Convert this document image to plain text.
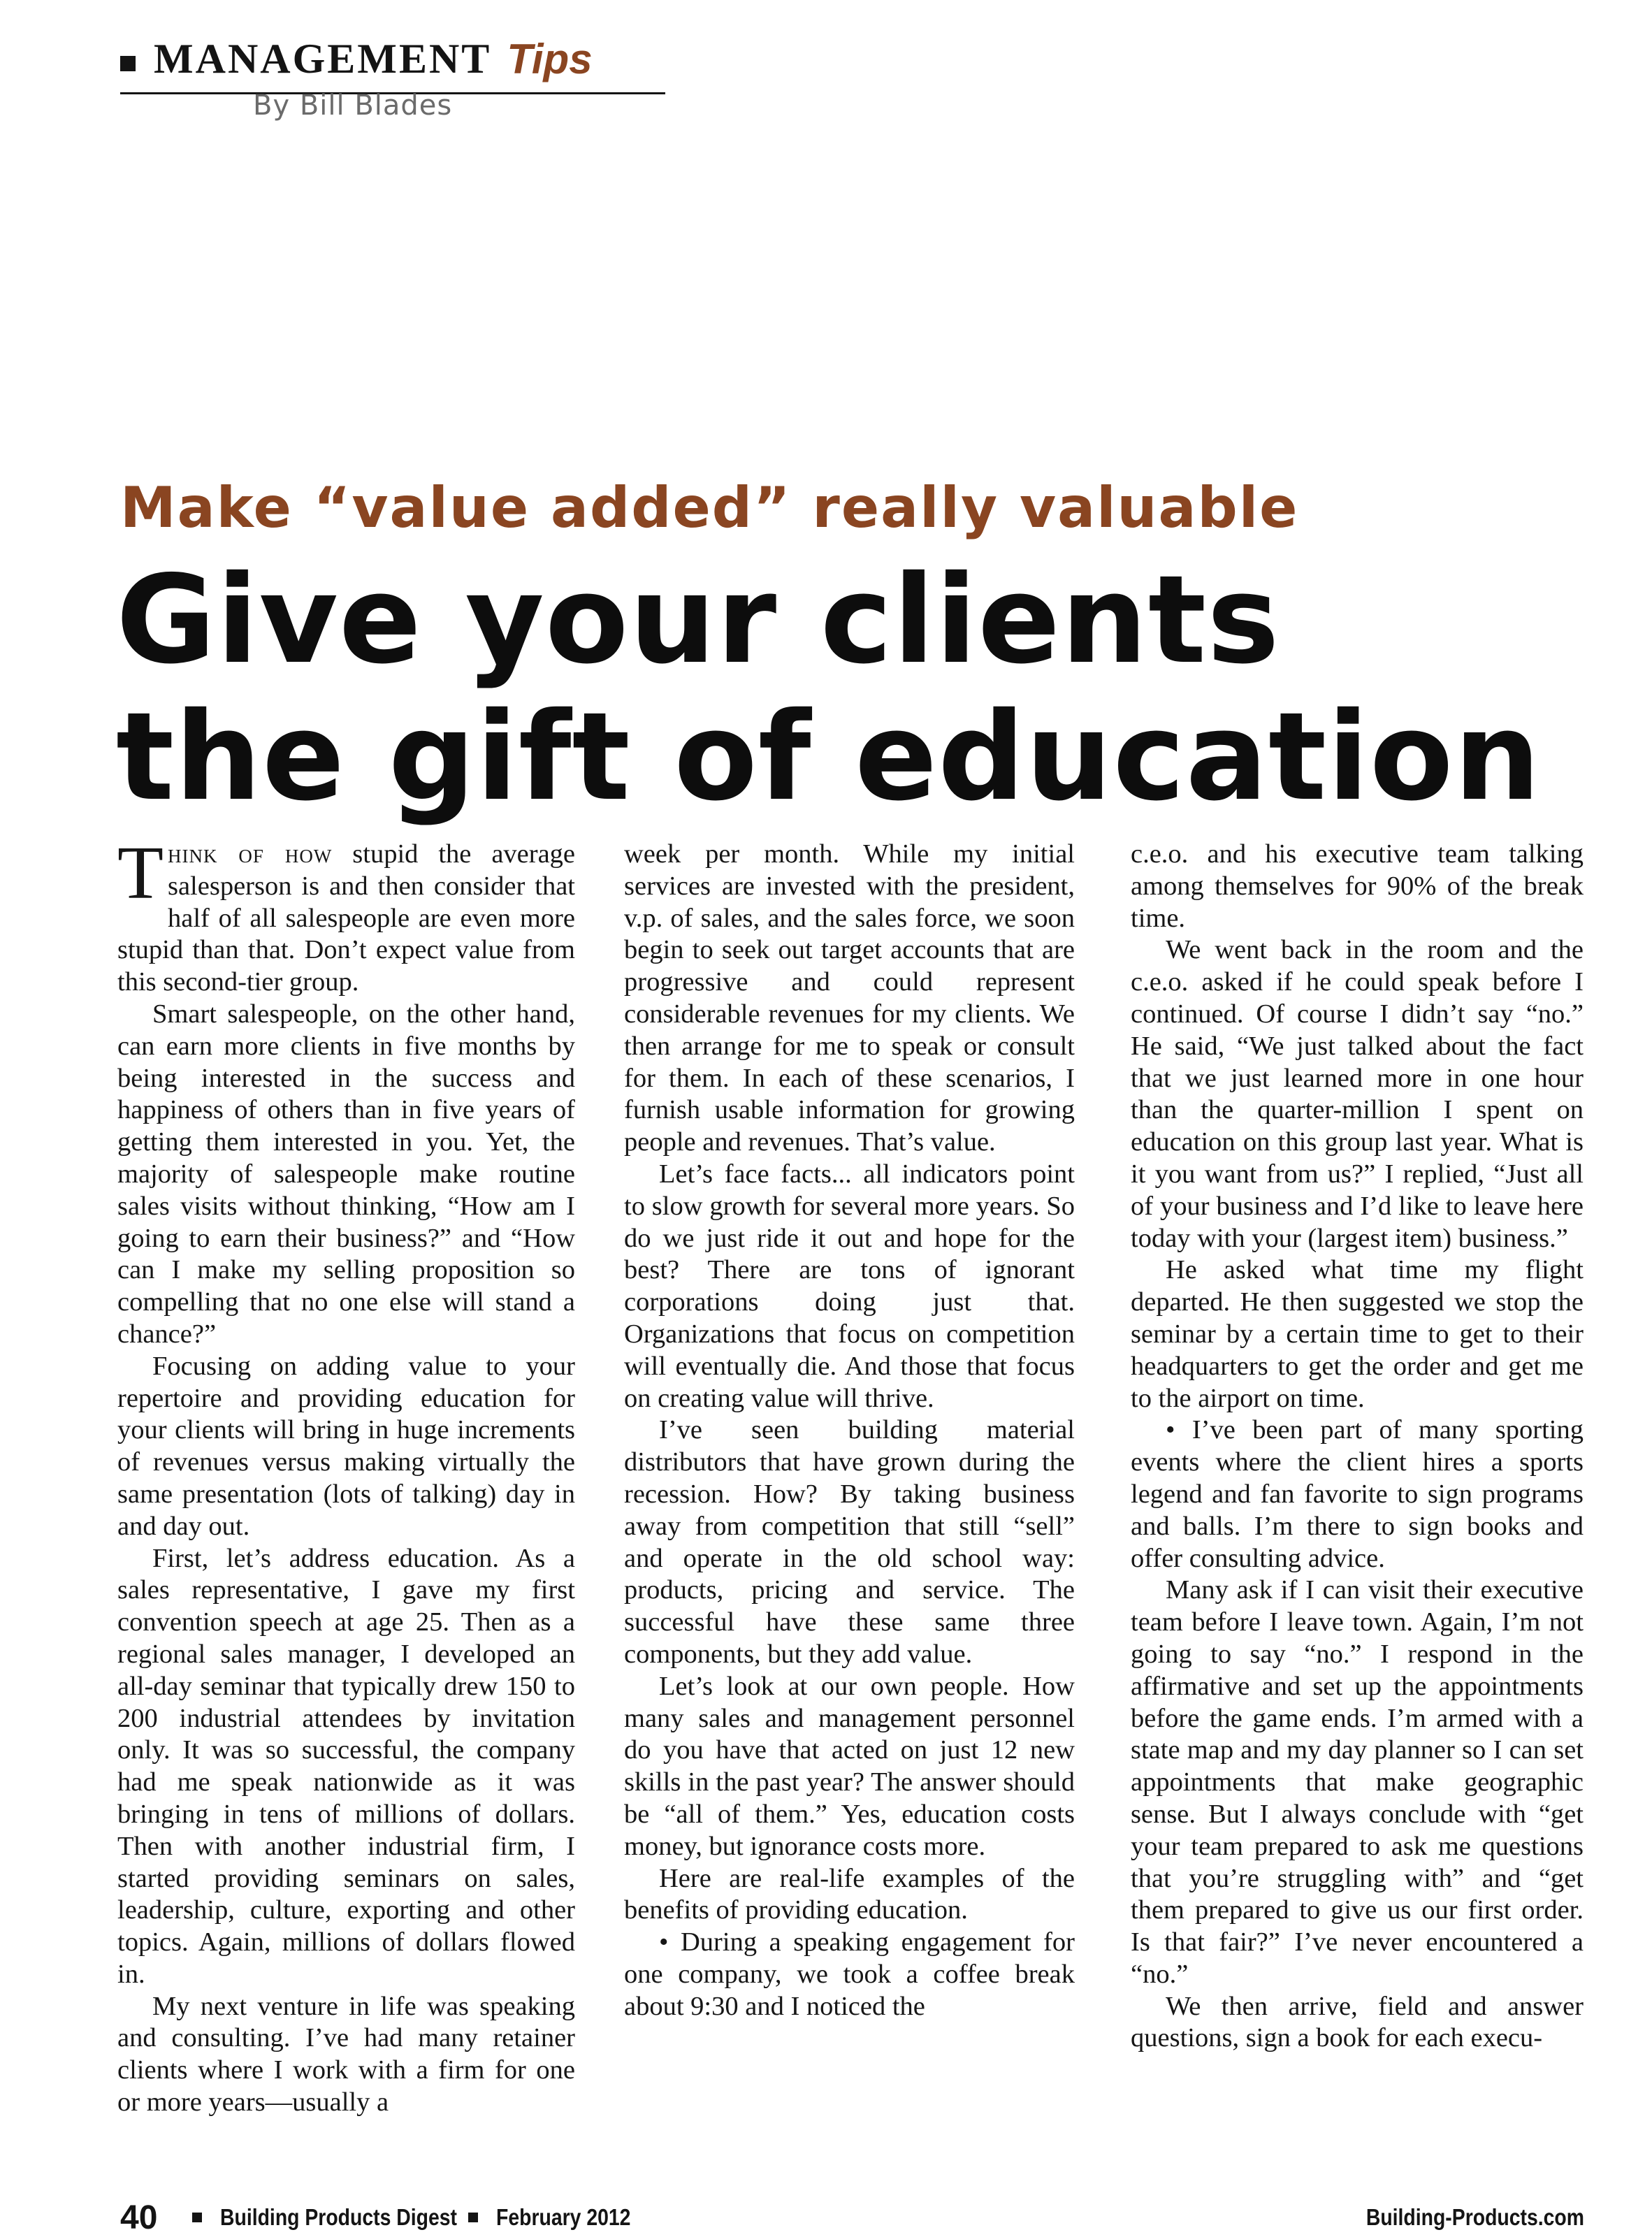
MANAGEMENT Tips
By Bill Blades
Make “value added” really valuable
Give your clients
the gift of education

Think of how stupid the average salesperson is and then consider that half of all salespeople are even more stupid than that. Don’t expect value from this second-tier group.

Smart salespeople, on the other hand, can earn more clients in five months by being interested in the success and happiness of others than in five years of getting them interested in you. Yet, the majority of salespeople make routine sales visits without thinking, “How am I going to earn their business?” and “How can I make my selling proposition so compelling that no one else will stand a chance?”

Focusing on adding value to your repertoire and providing education for your clients will bring in huge increments of revenues versus making virtually the same presentation (lots of talking) day in and day out.

First, let’s address education. As a sales representative, I gave my first convention speech at age 25. Then as a regional sales manager, I developed an all-day seminar that typically drew 150 to 200 industrial attendees by invitation only. It was so successful, the company had me speak nationwide as it was bringing in tens of millions of dollars. Then with another industrial firm, I started providing seminars on sales, leadership, culture, exporting and other topics. Again, millions of dollars flowed in.

My next venture in life was speaking and consulting. I’ve had many retainer clients where I work with a firm for one or more years—usually a

week per month. While my initial services are invested with the president, v.p. of sales, and the sales force, we soon begin to seek out target accounts that are progressive and could represent considerable revenues for my clients. We then arrange for me to speak or consult for them. In each of these scenarios, I furnish usable information for growing people and revenues. That’s value.

Let’s face facts... all indicators point to slow growth for several more years. So do we just ride it out and hope for the best? There are tons of ignorant corporations doing just that. Organizations that focus on competition will eventually die. And those that focus on creating value will thrive.

I’ve seen building material distributors that have grown during the recession. How? By taking business away from competition that still “sell” and operate in the old school way: products, pricing and service. The successful have these same three components, but they add value.

Let’s look at our own people. How many sales and management personnel do you have that acted on just 12 new skills in the past year? The answer should be “all of them.” Yes, education costs money, but ignorance costs more.

Here are real-life examples of the benefits of providing education.

• During a speaking engagement for one company, we took a coffee break about 9:30 and I noticed the

c.e.o. and his executive team talking among themselves for 90% of the break time.

We went back in the room and the c.e.o. asked if he could speak before I continued. Of course I didn’t say “no.” He said, “We just talked about the fact that we just learned more in one hour than the quarter-million I spent on education on this group last year. What is it you want from us?” I replied, “Just all of your business and I’d like to leave here today with your (largest item) business.”

He asked what time my flight departed. He then suggested we stop the seminar by a certain time to get to their headquarters to get the order and get me to the airport on time.

• I’ve been part of many sporting events where the client hires a sports legend and fan favorite to sign programs and balls. I’m there to sign books and offer consulting advice.

Many ask if I can visit their executive team before I leave town. Again, I’m not going to say “no.” I respond in the affirmative and set up the appointments before the game ends. I’m armed with a state map and my day planner so I can set appointments that make geographic sense. But I always conclude with “get your team prepared to ask me questions that you’re struggling with” and “get them prepared to give us our first order. Is that fair?” I’ve never encountered a “no.”

We then arrive, field and answer questions, sign a book for each execu-

40	Building Products Digest February 2012	Building-Products.com
